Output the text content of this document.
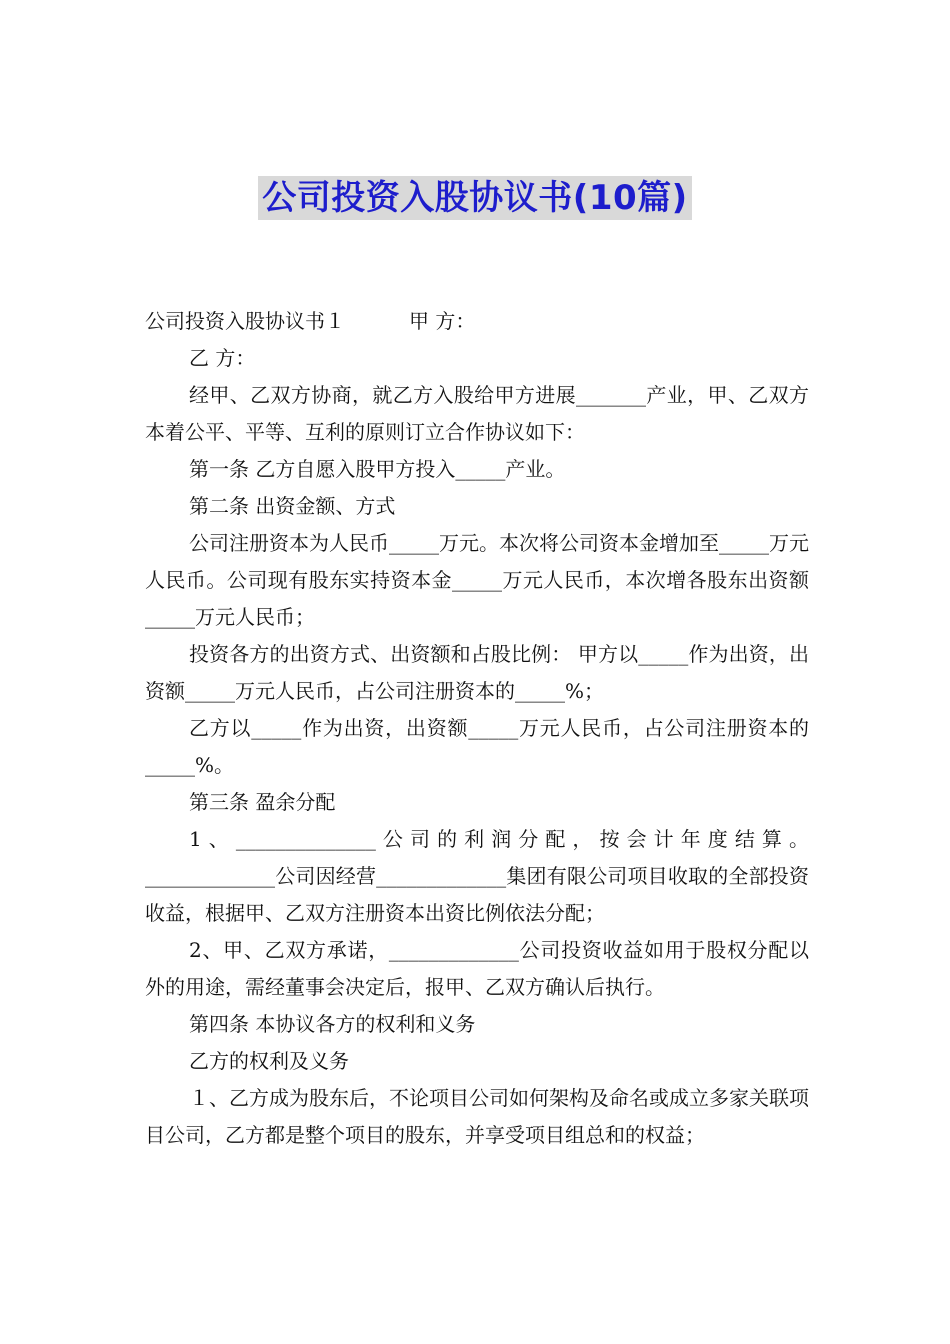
公司投资入股协议书(10篇)

公司投资入股协议书１	甲 方：

乙 方：

经甲、乙双方协商，就乙方入股给甲方进展_______产业，甲、乙双方本着公平、平等、互利的原则订立合作协议如下：

第一条 乙方自愿入股甲方投入_____产业。

第二条 出资金额、方式

公司注册资本为人民币_____万元。本次将公司资本金增加至_____万元人民币。公司现有股东实持资本金_____万元人民币，本次增各股东出资额_____万元人民币；

投资各方的出资方式、出资额和占股比例： 甲方以_____作为出资，出资额_____万元人民币，占公司注册资本的_____%；

乙方以_____作为出资，出资额_____万元人民币，占公司注册资本的_____%。

第三条 盈余分配

1、______________公司的利润分配，按会计年度结算。_____________公司因经营_____________集团有限公司项目收取的全部投资收益，根据甲、乙双方注册资本出资比例依法分配；

2、甲、乙双方承诺，_____________公司投资收益如用于股权分配以外的用途，需经董事会决定后，报甲、乙双方确认后执行。

第四条 本协议各方的权利和义务

乙方的权利及义务

１、乙方成为股东后，不论项目公司如何架构及命名或成立多家关联项目公司，乙方都是整个项目的股东，并享受项目组总和的权益；
